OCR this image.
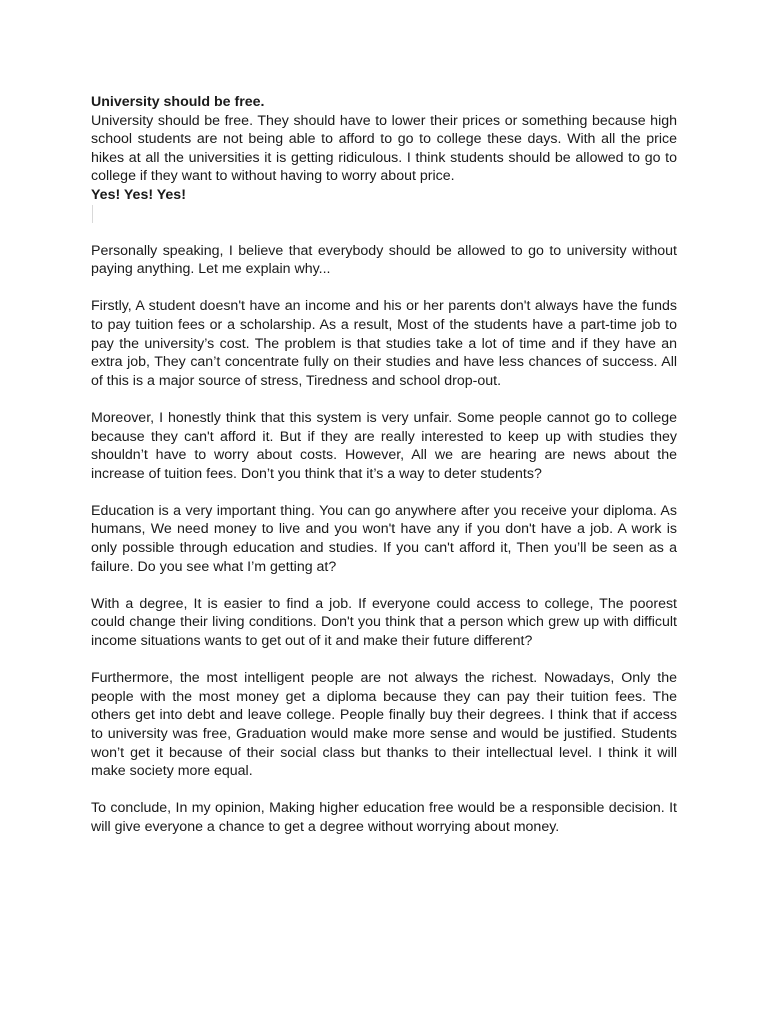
University should be free.

University should be free. They should have to lower their prices or something because high school students are not being able to afford to go to college these days. With all the price hikes at all the universities it is getting ridiculous. I think students should be allowed to go to college if they want to without having to worry about price.

Yes! Yes! Yes!

Personally speaking, I believe that everybody should be allowed to go to university without paying anything. Let me explain why...

Firstly, A student doesn't have an income and his or her parents don't always have the funds to pay tuition fees or a scholarship. As a result, Most of the students have a part-time job to pay the university’s cost. The problem is that studies take a lot of time and if they have an extra job, They can’t concentrate fully on their studies and have less chances of success. All of this is a major source of stress, Tiredness and school drop-out.

Moreover, I honestly think that this system is very unfair. Some people cannot go to college because they can't afford it. But if they are really interested to keep up with studies they shouldn’t have to worry about costs. However, All we are hearing are news about the increase of tuition fees. Don’t you think that it’s a way to deter students?

Education is a very important thing. You can go anywhere after you receive your diploma. As humans, We need money to live and you won't have any if you don't have a job. A work is only possible through education and studies. If you can't afford it, Then you’ll be seen as a failure. Do you see what I’m getting at?

With a degree, It is easier to find a job. If everyone could access to college, The poorest could change their living conditions. Don't you think that a person which grew up with difficult income situations wants to get out of it and make their future different?

Furthermore, the most intelligent people are not always the richest. Nowadays, Only the people with the most money get a diploma because they can pay their tuition fees. The others get into debt and leave college. People finally buy their degrees. I think that if access to university was free, Graduation would make more sense and would be justified. Students won’t get it because of their social class but thanks to their intellectual level. I think it will make society more equal.

To conclude, In my opinion, Making higher education free would be a responsible decision. It will give everyone a chance to get a degree without worrying about money.
